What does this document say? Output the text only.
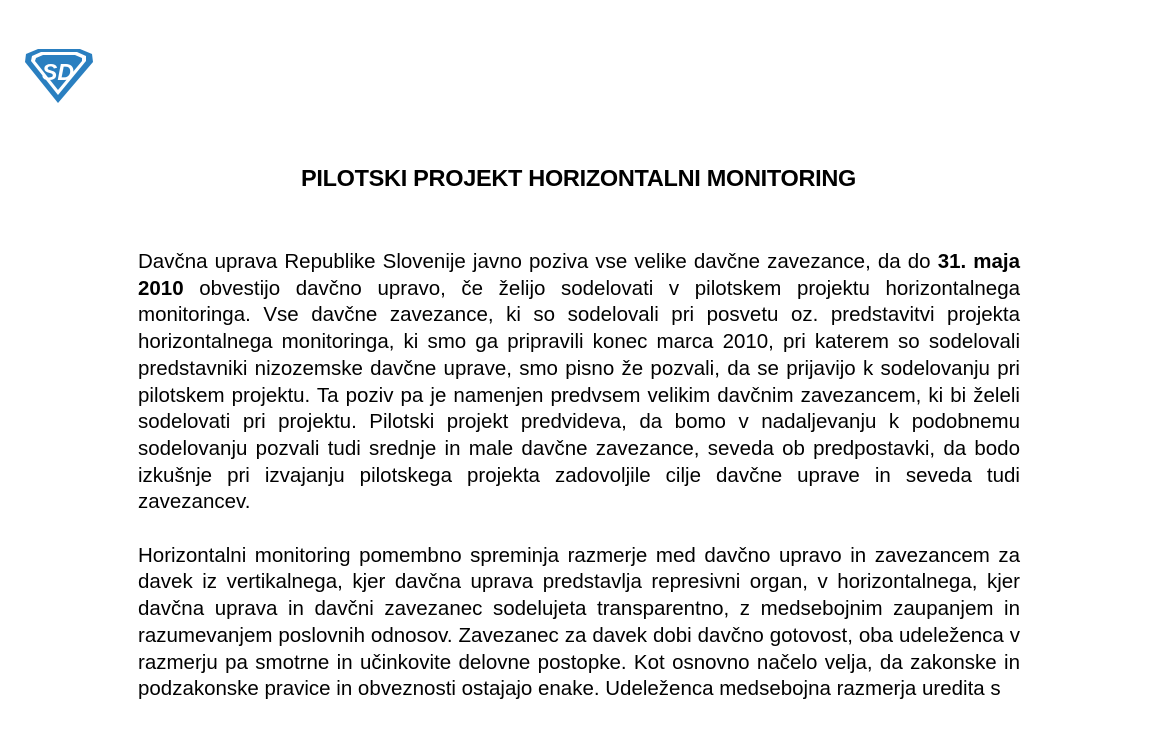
SD
PILOTSKI PROJEKT HORIZONTALNI MONITORING

Davčna uprava Republike Slovenije javno poziva vse velike davčne zavezance, da do 31. maja 2010 obvestijo davčno upravo, če želijo sodelovati v pilotskem projektu horizontalnega monitoringa. Vse davčne zavezance, ki so sodelovali pri posvetu oz. predstavitvi projekta horizontalnega monitoringa, ki smo ga pripravili konec marca 2010, pri katerem so sodelovali predstavniki nizozemske davčne uprave, smo pisno že pozvali, da se prijavijo k sodelovanju pri pilotskem projektu. Ta poziv pa je namenjen predvsem velikim davčnim zavezancem, ki bi želeli sodelovati pri projektu. Pilotski projekt predvideva, da bomo v nadaljevanju k podobnemu sodelovanju pozvali tudi srednje in male davčne zavezance, seveda ob predpostavki, da bodo izkušnje pri izvajanju pilotskega projekta zadovoljile cilje davčne uprave in seveda tudi zavezancev.

Horizontalni monitoring pomembno spreminja razmerje med davčno upravo in zavezancem za davek iz vertikalnega, kjer davčna uprava predstavlja represivni organ, v horizontalnega, kjer davčna uprava in davčni zavezanec sodelujeta transparentno, z medsebojnim zaupanjem in razumevanjem poslovnih odnosov. Zavezanec za davek dobi davčno gotovost, oba udeleženca v razmerju pa smotrne in učinkovite delovne postopke. Kot osnovno načelo velja, da zakonske in podzakonske pravice in obveznosti ostajajo enake. Udeleženca medsebojna razmerja uredita s
